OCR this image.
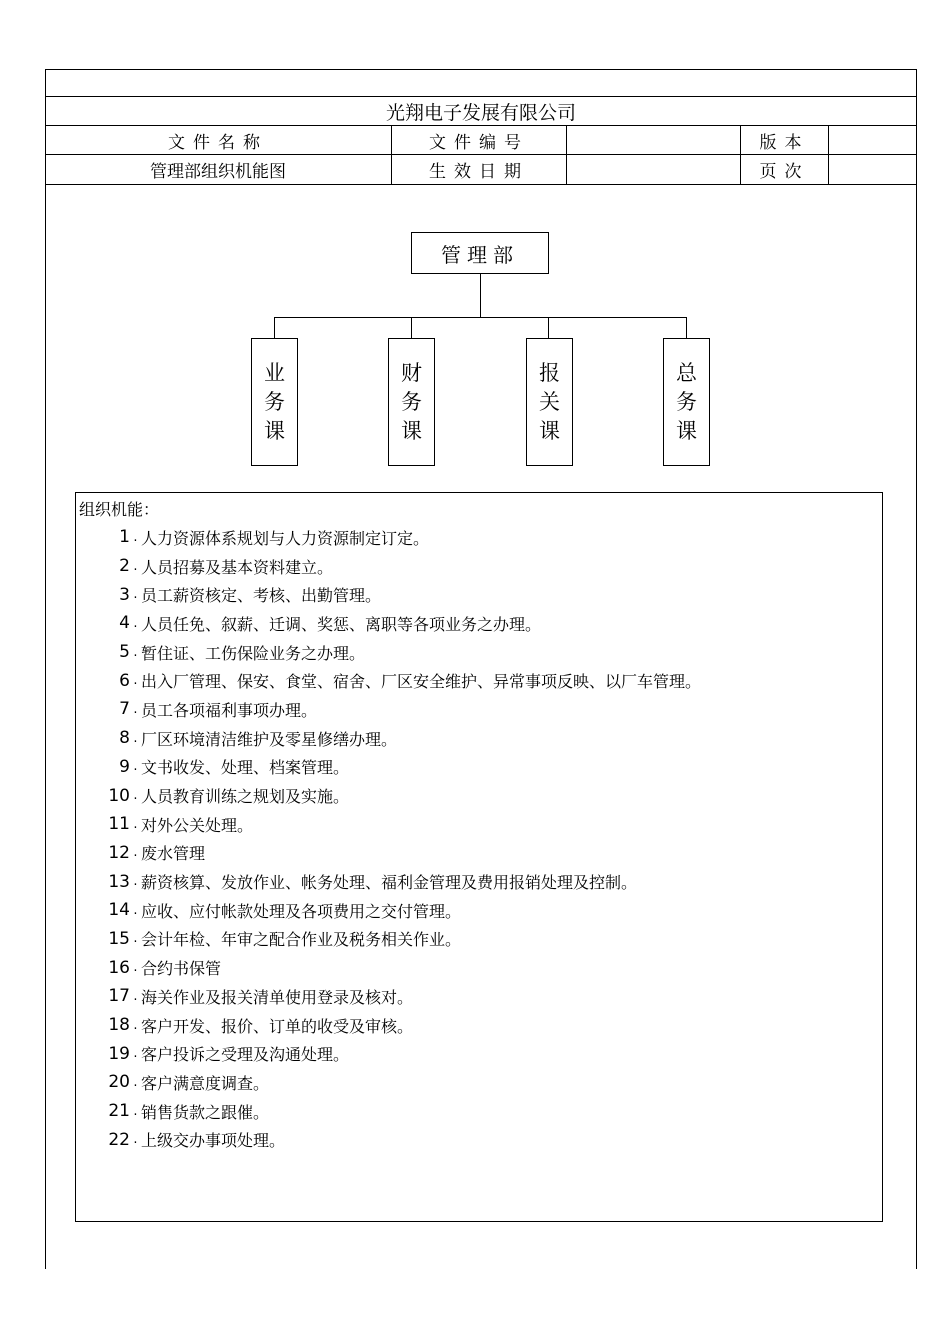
光翔电子发展有限公司
文件名称	文件编号	版本
管理部组织机能图	生效日期	页次
管理部
业
务
课
财
务
课
报
关
课
总
务
课
组织机能：
1 . 人力资源体系规划与人力资源制定订定。
2 . 人员招募及基本资料建立。
3 . 员工薪资核定、考核、出勤管理。
4 . 人员任免、叙薪、迁调、奖惩、离职等各项业务之办理。
5 . 暂住证、工伤保险业务之办理。
6 . 出入厂管理、保安、食堂、宿舍、厂区安全维护、异常事项反映、以厂车管理。
7 . 员工各项福利事项办理。
8 . 厂区环境清洁维护及零星修缮办理。
9 . 文书收发、处理、档案管理。
10 . 人员教育训练之规划及实施。
11 . 对外公关处理。
12 . 废水管理
13 . 薪资核算、发放作业、帐务处理、福利金管理及费用报销处理及控制。
14 . 应收、应付帐款处理及各项费用之交付管理。
15 . 会计年检、年审之配合作业及税务相关作业。
16 . 合约书保管
17 . 海关作业及报关清单使用登录及核对。
18 . 客户开发、报价、订单的收受及审核。
19 . 客户投诉之受理及沟通处理。
20 . 客户满意度调查。
21 . 销售货款之跟催。
22 . 上级交办事项处理。
